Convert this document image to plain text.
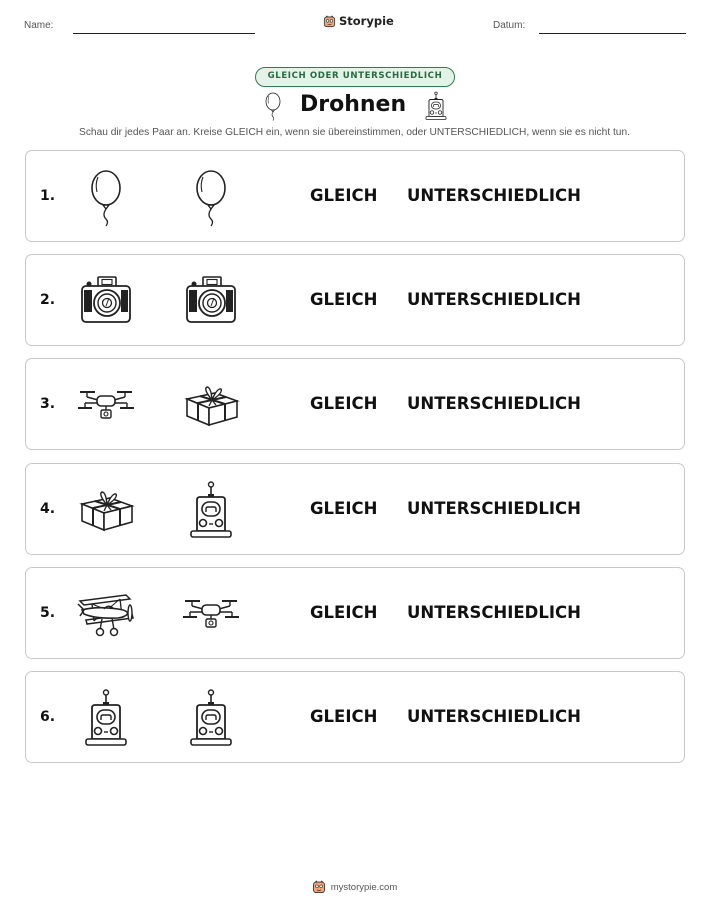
Name:	Storypie	Datum:
GLEICH ODER UNTERSCHIEDLICH
Drohnen
Schau dir jedes Paar an. Kreise GLEICH ein, wenn sie übereinstimmen, oder UNTERSCHIEDLICH, wenn sie es nicht tun.
1.	GLEICH UNTERSCHIEDLICH
2.	GLEICH UNTERSCHIEDLICH
3.	GLEICH UNTERSCHIEDLICH
4.	GLEICH UNTERSCHIEDLICH
5.	GLEICH UNTERSCHIEDLICH
6.	GLEICH UNTERSCHIEDLICH
mystorypie.com
